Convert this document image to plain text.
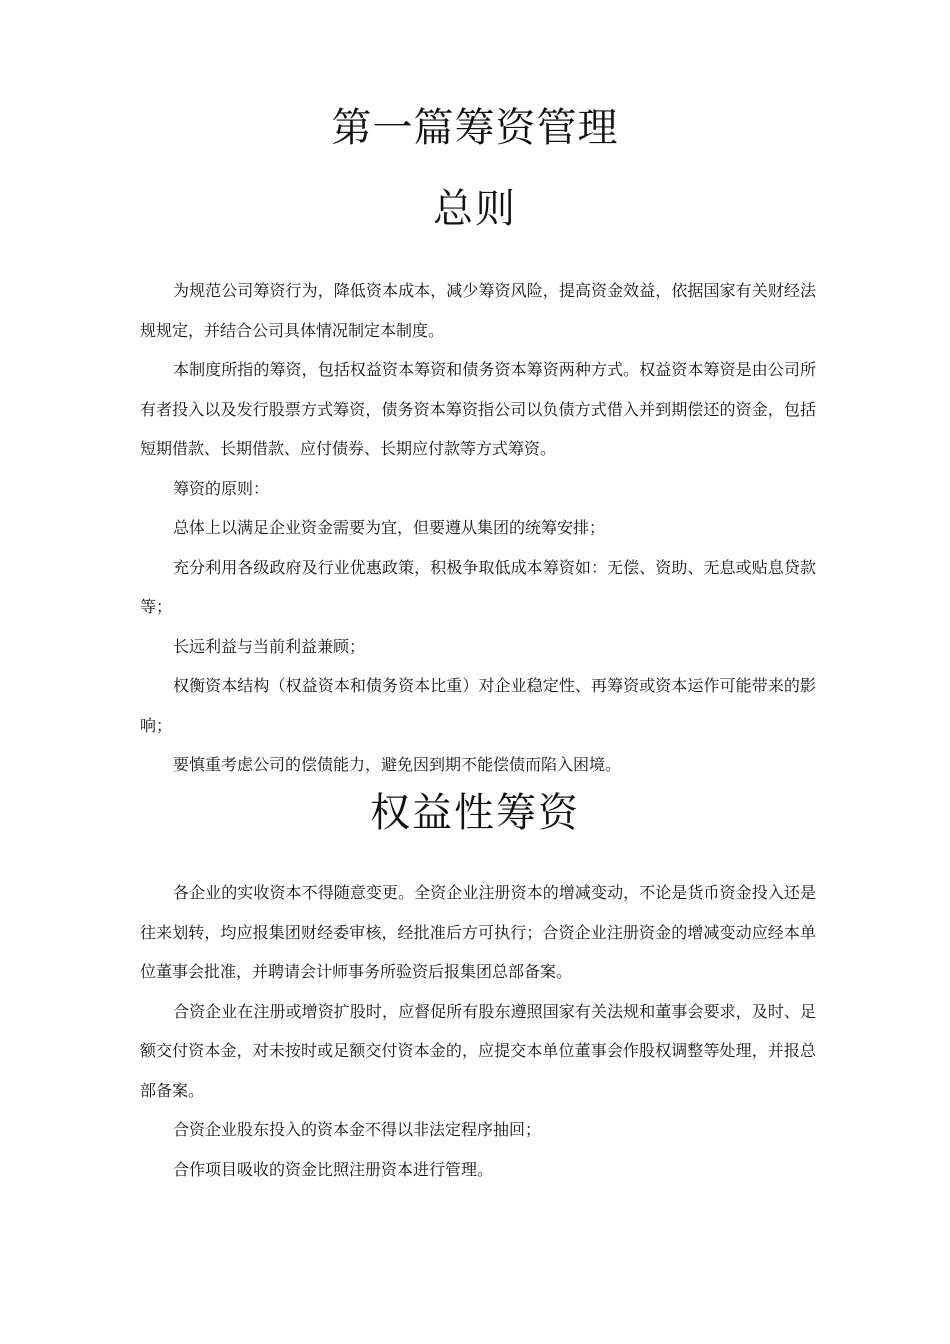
第一篇筹资管理
总则

为规范公司筹资行为，降低资本成本，减少筹资风险，提高资金效益，依据国家有关财经法规规定，并结合公司具体情况制定本制度。

本制度所指的筹资，包括权益资本筹资和债务资本筹资两种方式。权益资本筹资是由公司所有者投入以及发行股票方式筹资，债务资本筹资指公司以负债方式借入并到期偿还的资金，包括短期借款、长期借款、应付债券、长期应付款等方式筹资。

筹资的原则：

总体上以满足企业资金需要为宜，但要遵从集团的统筹安排；

充分利用各级政府及行业优惠政策，积极争取低成本筹资如：无偿、资助、无息或贴息贷款等；

长远利益与当前利益兼顾；

权衡资本结构（权益资本和债务资本比重）对企业稳定性、再筹资或资本运作可能带来的影响；

要慎重考虑公司的偿债能力，避免因到期不能偿债而陷入困境。

权益性筹资

各企业的实收资本不得随意变更。全资企业注册资本的增减变动，不论是货币资金投入还是往来划转，均应报集团财经委审核，经批准后方可执行；合资企业注册资金的增减变动应经本单位董事会批准，并聘请会计师事务所验资后报集团总部备案。

合资企业在注册或增资扩股时，应督促所有股东遵照国家有关法规和董事会要求，及时、足额交付资本金，对未按时或足额交付资本金的，应提交本单位董事会作股权调整等处理，并报总部备案。

合资企业股东投入的资本金不得以非法定程序抽回；

合作项目吸收的资金比照注册资本进行管理。
